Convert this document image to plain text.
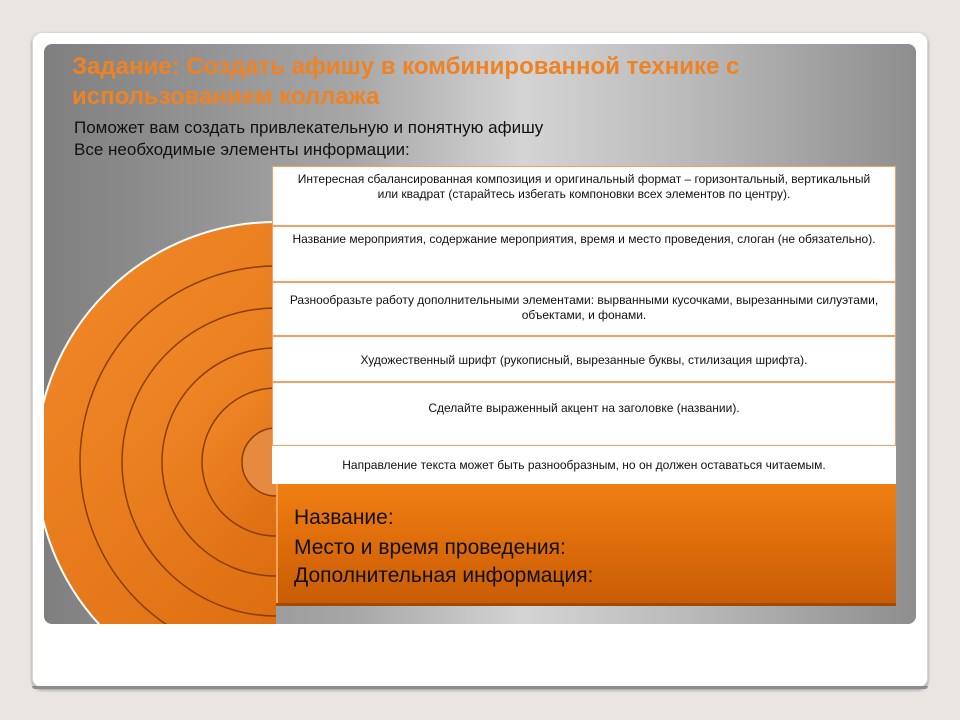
Задание: Создать афишу в комбинированной технике с использованием коллажа
Поможет вам создать привлекательную и понятную афишу
Все необходимые элементы информации:
Интересная сбалансированная композиция и оригинальный формат – горизонтальный, вертикальный или квадрат (старайтесь избегать компоновки всех элементов по центру).
Название мероприятия, содержание мероприятия, время и место проведения, слоган (не обязательно).
Разнообразьте работу дополнительными элементами: вырванными кусочками, вырезанными силуэтами, объектами, и фонами.
Художественный шрифт (рукописный, вырезанные буквы, стилизация шрифта).
Сделайте выраженный акцент на заголовке (названии).
Направление текста может быть разнообразным, но он должен оставаться читаемым.
Название:
Место и время проведения:
Дополнительная информация:
